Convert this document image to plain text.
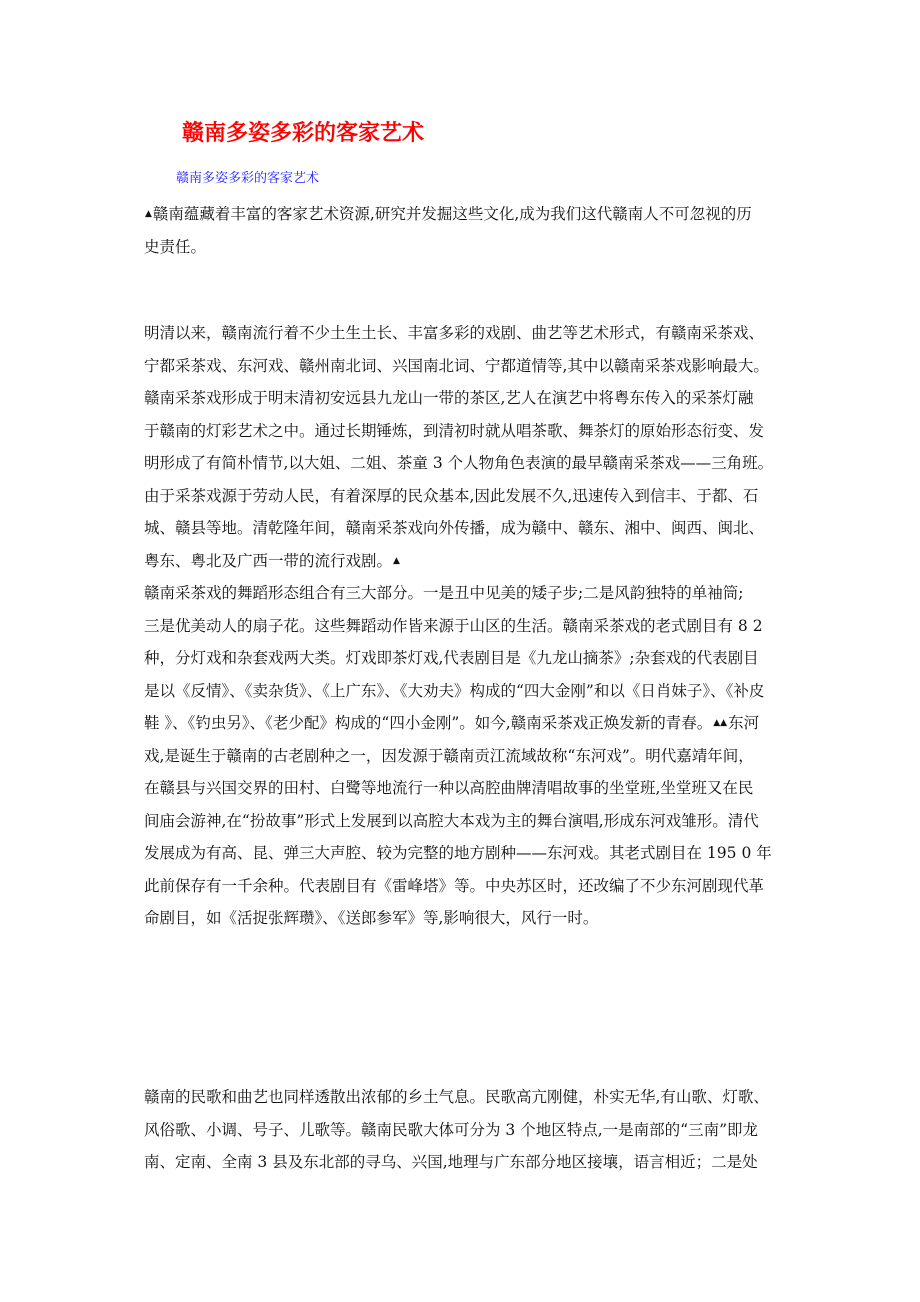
赣南多姿多彩的客家艺术
赣南多姿多彩的客家艺术
▲赣南蕴藏着丰富的客家艺术资源,研究并发掘这些文化,成为我们这代赣南人不可忽视的历
史责任。
明清以来，赣南流行着不少土生土长、丰富多彩的戏剧、曲艺等艺术形式，有赣南采茶戏、
宁都采茶戏、东河戏、赣州南北词、兴国南北词、宁都道情等,其中以赣南采茶戏影响最大。
赣南采茶戏形成于明末清初安远县九龙山一带的茶区,艺人在演艺中将粤东传入的采茶灯融
于赣南的灯彩艺术之中。通过长期锤炼，到清初时就从唱茶歌、舞茶灯的原始形态衍变、发
明形成了有简朴情节,以大姐、二姐、茶童 3 个人物角色表演的最早赣南采茶戏——三角班。
由于采茶戏源于劳动人民，有着深厚的民众基本,因此发展不久,迅速传入到信丰、于都、石
城、赣县等地。清乾隆年间，赣南采茶戏向外传播，成为赣中、赣东、湘中、闽西、闽北、
粤东、粤北及广西一带的流行戏剧。▲
赣南采茶戏的舞蹈形态组合有三大部分。一是丑中见美的矮子步;二是风韵独特的单袖筒;
三是优美动人的扇子花。这些舞蹈动作皆来源于山区的生活。赣南采茶戏的老式剧目有 8 2
种，分灯戏和杂套戏两大类。灯戏即茶灯戏,代表剧目是《九龙山摘茶》;杂套戏的代表剧目
是以《反情》、《卖杂货》、《上广东》、《大劝夫》构成的“四大金刚”和以《日肖妹子》、《补皮
鞋 》、《钓虫另》、《老少配》构成的“四小金刚”。如今,赣南采茶戏正焕发新的青春。▲▲东河
戏,是诞生于赣南的古老剧种之一，因发源于赣南贡江流域故称“东河戏”。明代嘉靖年间，
在赣县与兴国交界的田村、白鹭等地流行一种以高腔曲牌清唱故事的坐堂班,坐堂班又在民
间庙会游神,在“扮故事”形式上发展到以高腔大本戏为主的舞台演唱,形成东河戏雏形。清代
发展成为有高、昆、弹三大声腔、较为完整的地方剧种——东河戏。其老式剧目在 195 0 年
此前保存有一千余种。代表剧目有《雷峰塔》等。中央苏区时，还改编了不少东河剧现代革
命剧目，如《活捉张辉瓒》、《送郎参军》等,影响很大，风行一时。
赣南的民歌和曲艺也同样透散出浓郁的乡土气息。民歌高亢刚健，朴实无华,有山歌、灯歌、
风俗歌、小调、号子、儿歌等。赣南民歌大体可分为 3 个地区特点,一是南部的“三南”即龙
南、定南、全南 3 县及东北部的寻乌、兴国,地理与广东部分地区接壤，语言相近；二是处
